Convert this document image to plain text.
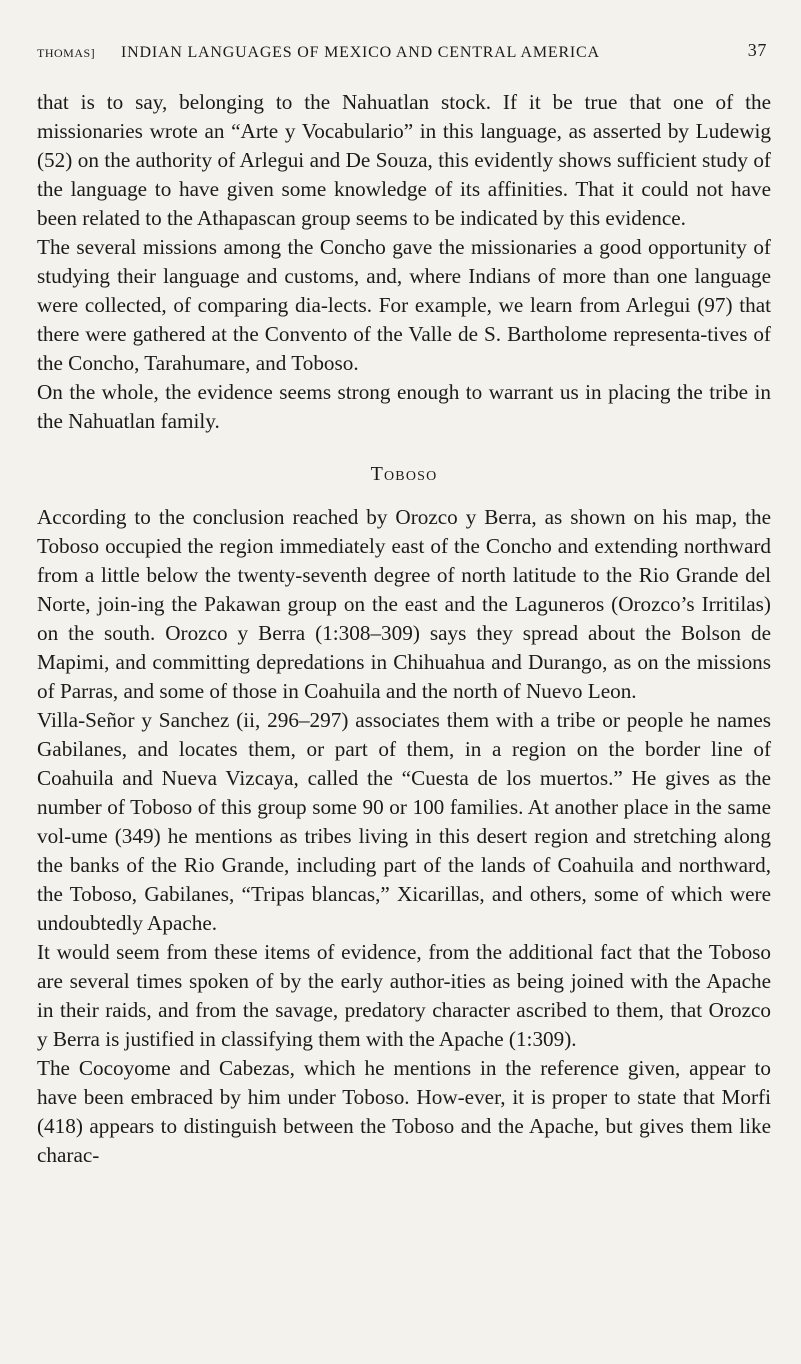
THOMAS] INDIAN LANGUAGES OF MEXICO AND CENTRAL AMERICA	37

that is to say, belonging to the Nahuatlan stock. If it be true that one of the missionaries wrote an “Arte y Vocabulario” in this language, as asserted by Ludewig (52) on the authority of Arlegui and De Souza, this evidently shows sufficient study of the language to have given some knowledge of its affinities. That it could not have been related to the Athapascan group seems to be indicated by this evidence.

The several missions among the Concho gave the missionaries a good opportunity of studying their language and customs, and, where Indians of more than one language were collected, of comparing dia-lects. For example, we learn from Arlegui (97) that there were gathered at the Convento of the Valle de S. Bartholome representa-tives of the Concho, Tarahumare, and Toboso.

On the whole, the evidence seems strong enough to warrant us in placing the tribe in the Nahuatlan family.

Toboso

According to the conclusion reached by Orozco y Berra, as shown on his map, the Toboso occupied the region immediately east of the Concho and extending northward from a little below the twenty-seventh degree of north latitude to the Rio Grande del Norte, join-ing the Pakawan group on the east and the Laguneros (Orozco’s Irritilas) on the south. Orozco y Berra (1:308–309) says they spread about the Bolson de Mapimi, and committing depredations in Chihuahua and Durango, as on the missions of Parras, and some of those in Coahuila and the north of Nuevo Leon.

Villa-Señor y Sanchez (ii, 296–297) associates them with a tribe or people he names Gabilanes, and locates them, or part of them, in a region on the border line of Coahuila and Nueva Vizcaya, called the “Cuesta de los muertos.” He gives as the number of Toboso of this group some 90 or 100 families. At another place in the same vol-ume (349) he mentions as tribes living in this desert region and stretching along the banks of the Rio Grande, including part of the lands of Coahuila and northward, the Toboso, Gabilanes, “Tripas blancas,” Xicarillas, and others, some of which were undoubtedly Apache.

It would seem from these items of evidence, from the additional fact that the Toboso are several times spoken of by the early author-ities as being joined with the Apache in their raids, and from the savage, predatory character ascribed to them, that Orozco y Berra is justified in classifying them with the Apache (1:309).

The Cocoyome and Cabezas, which he mentions in the reference given, appear to have been embraced by him under Toboso. How-ever, it is proper to state that Morfi (418) appears to distinguish between the Toboso and the Apache, but gives them like charac-
